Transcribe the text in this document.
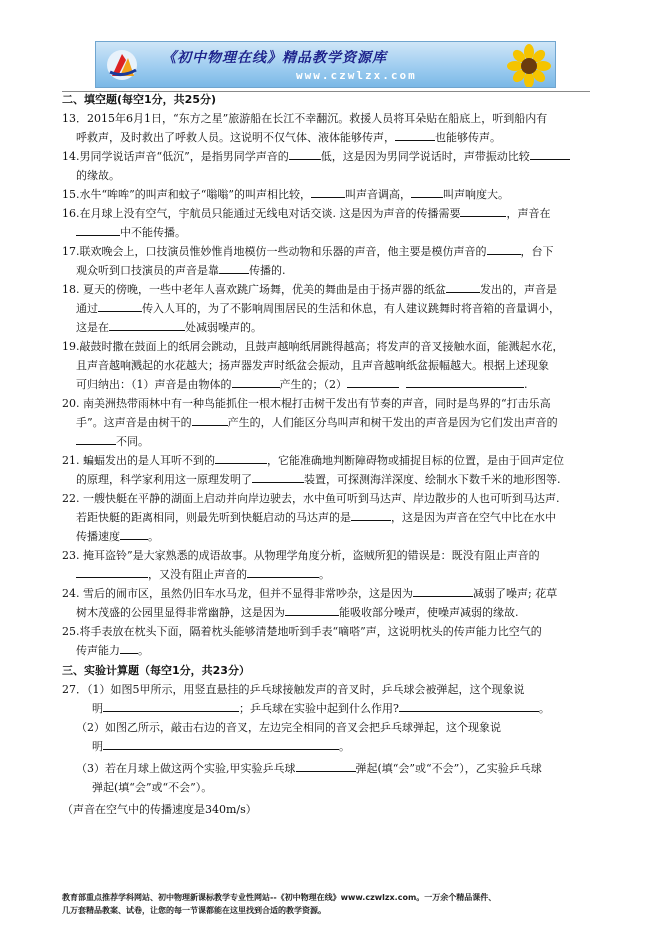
《初中物理在线》精品教学资源库
www.czwlzx.com

二、填空题(每空1分，共25分)

13．2015年6月1日，“东方之星”旅游船在长江不幸翻沉。救援人员将耳朵贴在船底上，听到船内有

呼救声，及时救出了呼救人员。这说明不仅气体、液体能够传声，	也能够传声。

14.男同学说话声音“低沉”，是指男同学声音的	低，这是因为男同学说话时，声带振动比较

的缘故。

15.水牛“哞哞”的叫声和蚊子“嗡嗡”的叫声相比较，	叫声音调高，	叫声响度大。

16.在月球上没有空气，宇航员只能通过无线电对话交谈. 这是因为声音的传播需要	，声音在

中不能传播。

17.联欢晚会上，口技演员惟妙惟肖地模仿一些动物和乐器的声音，他主要是模仿声音的	，台下

观众听到口技演员的声音是靠	传播的.

18. 夏天的傍晚，一些中老年人喜欢跳广场舞，优美的舞曲是由于扬声器的纸盆	发出的，声音是

通过	传入人耳的，为了不影响周围居民的生活和休息，有人建议跳舞时将音箱的音量调小，

这是在	处减弱噪声的。

19.敲鼓时撒在鼓面上的纸屑会跳动，且鼓声越响纸屑跳得越高；将发声的音叉接触水面，能溅起水花，

且声音越响溅起的水花越大；扬声器发声时纸盆会振动，且声音越响纸盆振幅越大。根据上述现象

可归纳出：（1）声音是由物体的	产生的；（2）	.

20. 南美洲热带雨林中有一种鸟能抓住一根木棍打击树干发出有节奏的声音，同时是鸟界的“打击乐高

手”。这声音是由树干的	产生的，人们能区分鸟叫声和树干发出的声音是因为它们发出声音的

不同。

21. 蝙蝠发出的是人耳听不到的	，它能准确地判断障碍物或捕捉目标的位置，是由于回声定位

的原理，科学家利用这一原理发明了	装置，可探测海洋深度、绘制水下数千米的地形图等.

22. 一艘快艇在平静的湖面上启动并向岸边驶去，水中鱼可听到马达声、岸边散步的人也可听到马达声.

若距快艇的距离相同，则最先听到快艇启动的马达声的是	，这是因为声音在空气中比在水中

传播速度	。

23. 掩耳盗铃”是大家熟悉的成语故事。从物理学角度分析，盗贼所犯的错误是：既没有阻止声音的

，又没有阻止声音的	。

24. 雪后的闹市区，虽然仍旧车水马龙，但并不显得非常吵杂，这是因为	减弱了噪声; 花草

树木茂盛的公园里显得非常幽静，这是因为	能吸收部分噪声，使噪声减弱的缘故.

25.将手表放在枕头下面，隔着枕头能够清楚地听到手表“嘀嗒”声，这说明枕头的传声能力比空气的

传声能力 。

三、实验计算题（每空1分，共23分）

27．（1）如图5甲所示，用竖直悬挂的乒乓球接触发声的音叉时，乒乓球会被弹起，这个现象说

明	；乒乓球在实验中起到什么作用?	。

（2）如图乙所示，敲击右边的音叉，左边完全相同的音叉会把乒乓球弹起，这个现象说

明	。

（3）若在月球上做这两个实验,甲实验乒乓球	弹起(填“会”或“不会”），乙实验乒乓球

弹起(填“会”或“不会”）。

（声音在空气中的传播速度是340m/s）

教育部重点推荐学科网站、初中物理新课标教学专业性网站--《初中物理在线》www.czwlzx.com。一万余个精品课件、
几万套精品教案、试卷，让您的每一节课都能在这里找到合适的教学资源。
